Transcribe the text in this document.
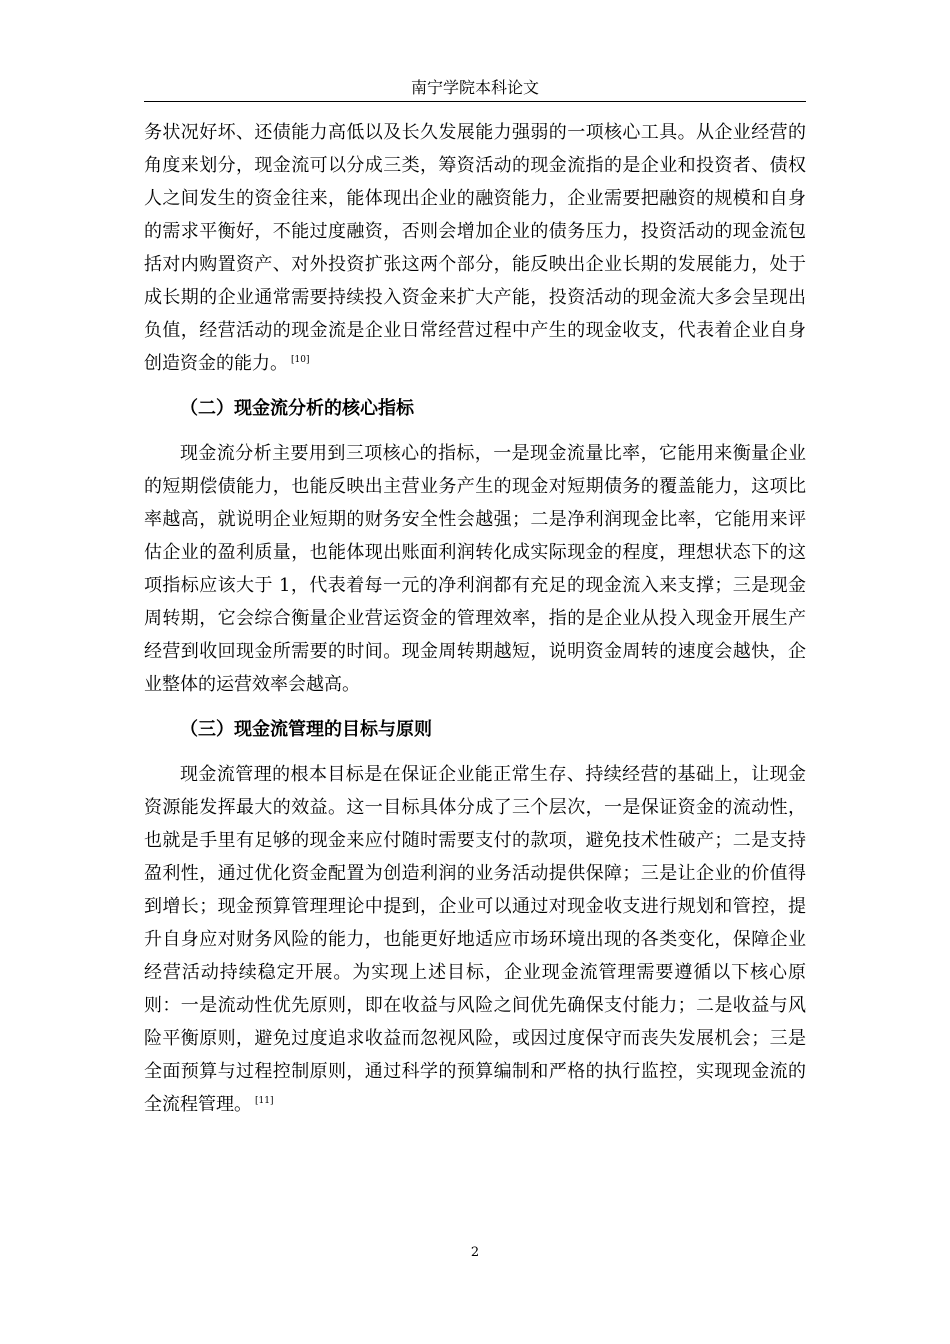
南宁学院本科论文

务状况好坏、还债能力高低以及长久发展能力强弱的一项核心工具。从企业经营的角度来划分，现金流可以分成三类，筹资活动的现金流指的是企业和投资者、债权人之间发生的资金往来，能体现出企业的融资能力，企业需要把融资的规模和自身的需求平衡好，不能过度融资，否则会增加企业的债务压力，投资活动的现金流包括对内购置资产、对外投资扩张这两个部分，能反映出企业长期的发展能力，处于成长期的企业通常需要持续投入资金来扩大产能，投资活动的现金流大多会呈现出负值，经营活动的现金流是企业日常经营过程中产生的现金收支，代表着企业自身创造资金的能力。 [10]

（二）现金流分析的核心指标

现金流分析主要用到三项核心的指标，一是现金流量比率，它能用来衡量企业的短期偿债能力，也能反映出主营业务产生的现金对短期债务的覆盖能力，这项比率越高，就说明企业短期的财务安全性会越强；二是净利润现金比率，它能用来评估企业的盈利质量，也能体现出账面利润转化成实际现金的程度，理想状态下的这项指标应该大于 1，代表着每一元的净利润都有充足的现金流入来支撑；三是现金周转期，它会综合衡量企业营运资金的管理效率，指的是企业从投入现金开展生产经营到收回现金所需要的时间。现金周转期越短，说明资金周转的速度会越快，企业整体的运营效率会越高。

（三）现金流管理的目标与原则

现金流管理的根本目标是在保证企业能正常生存、持续经营的基础上，让现金资源能发挥最大的效益。这一目标具体分成了三个层次，一是保证资金的流动性，也就是手里有足够的现金来应付随时需要支付的款项，避免技术性破产；二是支持盈利性，通过优化资金配置为创造利润的业务活动提供保障；三是让企业的价值得到增长；现金预算管理理论中提到，企业可以通过对现金收支进行规划和管控，提升自身应对财务风险的能力，也能更好地适应市场环境出现的各类变化，保障企业经营活动持续稳定开展。为实现上述目标，企业现金流管理需要遵循以下核心原则：一是流动性优先原则，即在收益与风险之间优先确保支付能力；二是收益与风险平衡原则，避免过度追求收益而忽视风险，或因过度保守而丧失发展机会；三是全面预算与过程控制原则，通过科学的预算编制和严格的执行监控，实现现金流的全流程管理。 [11]

2
